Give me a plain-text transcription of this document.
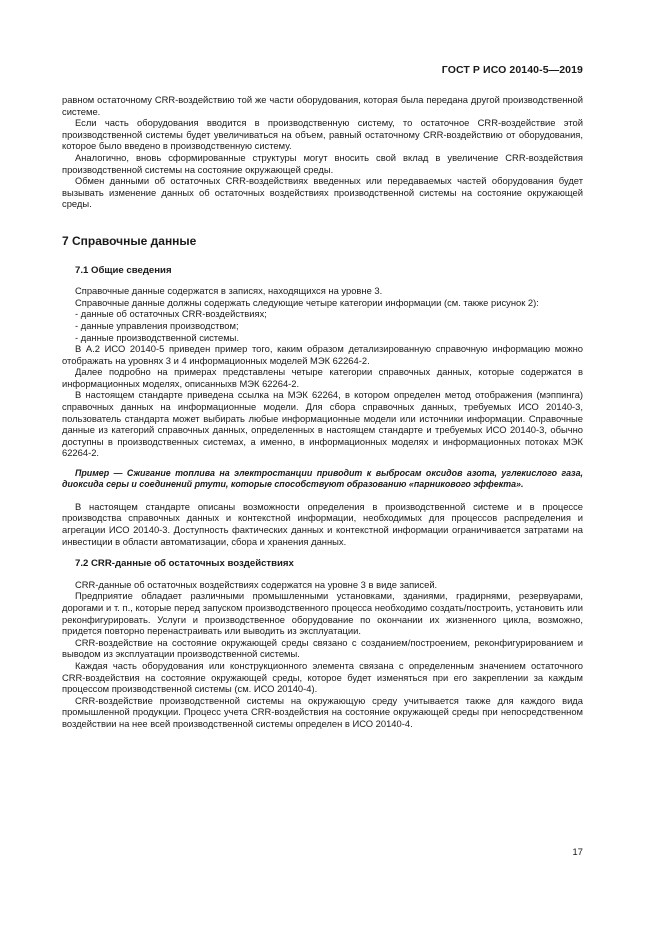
ГОСТ Р ИСО 20140-5—2019

равном остаточному CRR-воздействию той же части оборудования, которая была передана другой производственной системе.

Если часть оборудования вводится в производственную систему, то остаточное CRR-воздействие этой производственной системы будет увеличиваться на объем, равный остаточному CRR-воздействию от оборудования, которое было введено в производственную систему.

Аналогично, вновь сформированные структуры могут вносить свой вклад в увеличение CRR-воздействия производственной системы на состояние окружающей среды.

Обмен данными об остаточных CRR-воздействиях введенных или передаваемых частей оборудования будет вызывать изменение данных об остаточных воздействиях производственной системы на состояние окружающей среды.

7 Справочные данные
7.1 Общие сведения

Справочные данные содержатся в записях, находящихся на уровне 3.

Справочные данные должны содержать следующие четыре категории информации (см. также рисунок 2):

- данные об остаточных CRR-воздействиях;
- данные управления производством;
- данные производственной системы.

В А.2 ИСО 20140-5 приведен пример того, каким образом детализированную справочную информацию можно отображать на уровнях 3 и 4 информационных моделей МЭК 62264-2.

Далее подробно на примерах представлены четыре категории справочных данных, которые содержатся в информационных моделях, описанныхв МЭК 62264-2.

В настоящем стандарте приведена ссылка на МЭК 62264, в котором определен метод отображения (мэппинга) справочных данных на информационные модели. Для сбора справочных данных, требуемых ИСО 20140-3, пользователь стандарта может выбирать любые информационные модели или источники информации. Справочные данные из категорий справочных данных, определенных в настоящем стандарте и требуемых ИСО 20140-3, обычно доступны в производственных системах, а именно, в информационных моделях и информационных потоках МЭК 62264-2.

Пример — Сжигание топлива на электростанции приводит к выбросам оксидов азота, углекислого газа, диоксида серы и соединений ртути, которые способствуют образованию «парникового эффекта».

В настоящем стандарте описаны возможности определения в производственной системе и в процессе производства справочных данных и контекстной информации, необходимых для процессов распределения и агрегации ИСО 20140-3. Доступность фактических данных и контекстной информации ограничивается затратами на инвестиции в области автоматизации, сбора и хранения данных.

7.2 CRR-данные об остаточных воздействиях

CRR-данные об остаточных воздействиях содержатся на уровне 3 в виде записей.

Предприятие обладает различными промышленными установками, зданиями, градирнями, резервуарами, дорогами и т. п., которые перед запуском производственного процесса необходимо создать/построить, установить или реконфигурировать. Услуги и производственное оборудование по окончании их жизненного цикла, возможно, придется повторно перенастраивать или выводить из эксплуатации.

CRR-воздействие на состояние окружающей среды связано с созданием/построением, реконфигурированием и выводом из эксплуатации производственной системы.

Каждая часть оборудования или конструкционного элемента связана с определенным значением остаточного CRR-воздействия на состояние окружающей среды, которое будет изменяться при его закреплении за каждым процессом производственной системы (см. ИСО 20140-4).

CRR-воздействие производственной системы на окружающую среду учитывается также для каждого вида промышленной продукции. Процесс учета CRR-воздействия на состояние окружающей среды при непосредственном воздействии на нее всей производственной системы определен в ИСО 20140-4.

17
